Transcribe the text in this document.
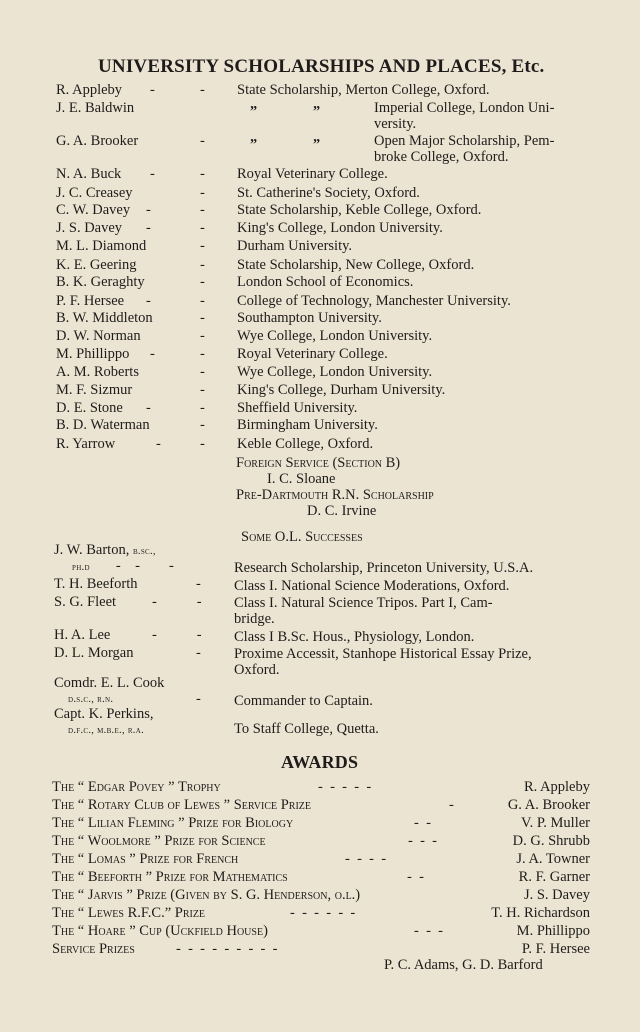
UNIVERSITY SCHOLARSHIPS AND PLACES, Etc.
R. Appleby -	- State Scholarship, Merton College, Oxford.
J. E. Baldwin	„	„	Imperial College, London Uni-
versity.
G. A. Brooker	-	„	„	Open Major Scholarship, Pem-
broke College, Oxford.
N. A. Buck -	- Royal Veterinary College.
J. C. Creasey	- St. Catherine's Society, Oxford.
C. W. Davey -	- State Scholarship, Keble College, Oxford.
J. S. Davey -	- King's College, London University.
M. L. Diamond	- Durham University.
K. E. Geering	- State Scholarship, New College, Oxford.
B. K. Geraghty	- London School of Economics.
P. F. Hersee -	- College of Technology, Manchester University.
B. W. Middleton	- Southampton University.
D. W. Norman	- Wye College, London University.
M. Phillippo -	- Royal Veterinary College.
A. M. Roberts	- Wye College, London University.
M. F. Sizmur	- King's College, Durham University.
D. E. Stone -	- Sheffield University.
B. D. Waterman	- Birmingham University.
R. Yarrow	-	- Keble College, Oxford.
Foreign Service (Section B)
I. C. Sloane
Pre-Dartmouth R.N. Scholarship
D. C. Irvine
Some O.L. Successes
J. W. Barton, b.sc.,
ph.d -    -        -	Research Scholarship, Princeton University, U.S.A.
T. H. Beeforth	- Class I. National Science Moderations, Oxford.
S. G. Fleet -           - Class I. Natural Science Tripos. Part I, Cam-
bridge.
H. A. Lee	-           - Class I B.Sc. Hous., Physiology, London.
D. L. Morgan	- Proxime Accessit, Stanhope Historical Essay Prize,
Oxford.
Comdr. E. L. Cook
d.s.c., r.n.	- Commander to Captain.
Capt. K. Perkins,
d.f.c., m.b.e., r.a.	To Staff College, Quetta.
AWARDS
The “ Edgar Povey ” Trophy	-  -  -  -  -	R. Appleby
The “ Rotary Club of Lewes ” Service Prize	-	G. A. Brooker
The “ Lilian Fleming ” Prize for Biology	-  -	V. P. Muller
The “ Woolmore ” Prize for Science	-  -  -	D. G. Shrubb
The “ Lomas ” Prize for French	-  -  -  -	J. A. Towner
The “ Beeforth ” Prize for Mathematics	-  -	R. F. Garner
The “ Jarvis ” Prize (Given by S. G. Henderson, o.l.)	J. S. Davey
The “ Lewes R.F.C.” Prize	-  -  -  -  -  -	T. H. Richardson
The “ Hoare ” Cup (Uckfield House)	-  -  -	M. Phillippo
Service Prizes	-  -  -  -  -  -  -  -  -	P. F. Hersee
P. C. Adams, G. D. Barford
